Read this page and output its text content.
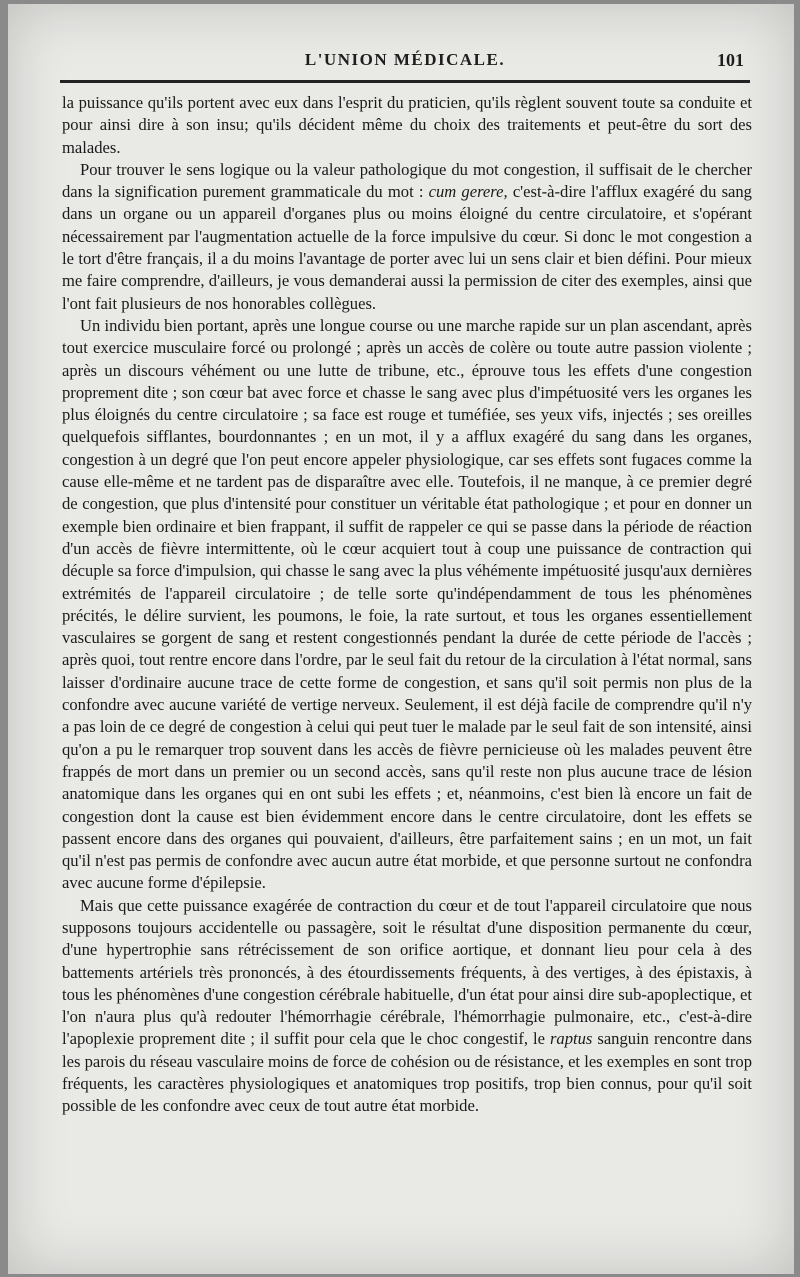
L'UNION MÉDICALE.	101

la puissance qu'ils portent avec eux dans l'esprit du praticien, qu'ils règlent souvent toute sa conduite et pour ainsi dire à son insu; qu'ils décident même du choix des traitements et peut-être du sort des malades.

Pour trouver le sens logique ou la valeur pathologique du mot congestion, il suffisait de le chercher dans la signification purement grammaticale du mot : cum gerere, c'est-à-dire l'afflux exagéré du sang dans un organe ou un appareil d'organes plus ou moins éloigné du centre circulatoire, et s'opérant nécessairement par l'augmentation actuelle de la force impulsive du cœur. Si donc le mot congestion a le tort d'être français, il a du moins l'avantage de porter avec lui un sens clair et bien défini. Pour mieux me faire comprendre, d'ailleurs, je vous demanderai aussi la permission de citer des exemples, ainsi que l'ont fait plusieurs de nos honorables collègues.

Un individu bien portant, après une longue course ou une marche rapide sur un plan ascendant, après tout exercice musculaire forcé ou prolongé ; après un accès de colère ou toute autre passion violente ; après un discours véhément ou une lutte de tribune, etc., éprouve tous les effets d'une congestion proprement dite ; son cœur bat avec force et chasse le sang avec plus d'impétuosité vers les organes les plus éloignés du centre circulatoire ; sa face est rouge et tuméfiée, ses yeux vifs, injectés ; ses oreilles quelquefois sifflantes, bourdonnantes ; en un mot, il y a afflux exagéré du sang dans les organes, congestion à un degré que l'on peut encore appeler physiologique, car ses effets sont fugaces comme la cause elle-même et ne tardent pas de disparaître avec elle. Toutefois, il ne manque, à ce premier degré de congestion, que plus d'intensité pour constituer un véritable état pathologique ; et pour en donner un exemple bien ordinaire et bien frappant, il suffit de rappeler ce qui se passe dans la période de réaction d'un accès de fièvre intermittente, où le cœur acquiert tout à coup une puissance de contraction qui décuple sa force d'impulsion, qui chasse le sang avec la plus véhémente impétuosité jusqu'aux dernières extrémités de l'appareil circulatoire ; de telle sorte qu'indépendamment de tous les phénomènes précités, le délire survient, les poumons, le foie, la rate surtout, et tous les organes essentiellement vasculaires se gorgent de sang et restent congestionnés pendant la durée de cette période de l'accès ; après quoi, tout rentre encore dans l'ordre, par le seul fait du retour de la circulation à l'état normal, sans laisser d'ordinaire aucune trace de cette forme de congestion, et sans qu'il soit permis non plus de la confondre avec aucune variété de vertige nerveux. Seulement, il est déjà facile de comprendre qu'il n'y a pas loin de ce degré de congestion à celui qui peut tuer le malade par le seul fait de son intensité, ainsi qu'on a pu le remarquer trop souvent dans les accès de fièvre pernicieuse où les malades peuvent être frappés de mort dans un premier ou un second accès, sans qu'il reste non plus aucune trace de lésion anatomique dans les organes qui en ont subi les effets ; et, néanmoins, c'est bien là encore un fait de congestion dont la cause est bien évidemment encore dans le centre circulatoire, dont les effets se passent encore dans des organes qui pouvaient, d'ailleurs, être parfaitement sains ; en un mot, un fait qu'il n'est pas permis de confondre avec aucun autre état morbide, et que personne surtout ne confondra avec aucune forme d'épilepsie.

Mais que cette puissance exagérée de contraction du cœur et de tout l'appareil circulatoire que nous supposons toujours accidentelle ou passagère, soit le résultat d'une disposition permanente du cœur, d'une hypertrophie sans rétrécissement de son orifice aortique, et donnant lieu pour cela à des battements artériels très prononcés, à des étourdissements fréquents, à des vertiges, à des épistaxis, à tous les phénomènes d'une congestion cérébrale habituelle, d'un état pour ainsi dire sub-apoplectique, et l'on n'aura plus qu'à redouter l'hémorrhagie cérébrale, l'hémorrhagie pulmonaire, etc., c'est-à-dire l'apoplexie proprement dite ; il suffit pour cela que le choc congestif, le raptus sanguin rencontre dans les parois du réseau vasculaire moins de force de cohésion ou de résistance, et les exemples en sont trop fréquents, les caractères physiologiques et anatomiques trop positifs, trop bien connus, pour qu'il soit possible de les confondre avec ceux de tout autre état morbide.
